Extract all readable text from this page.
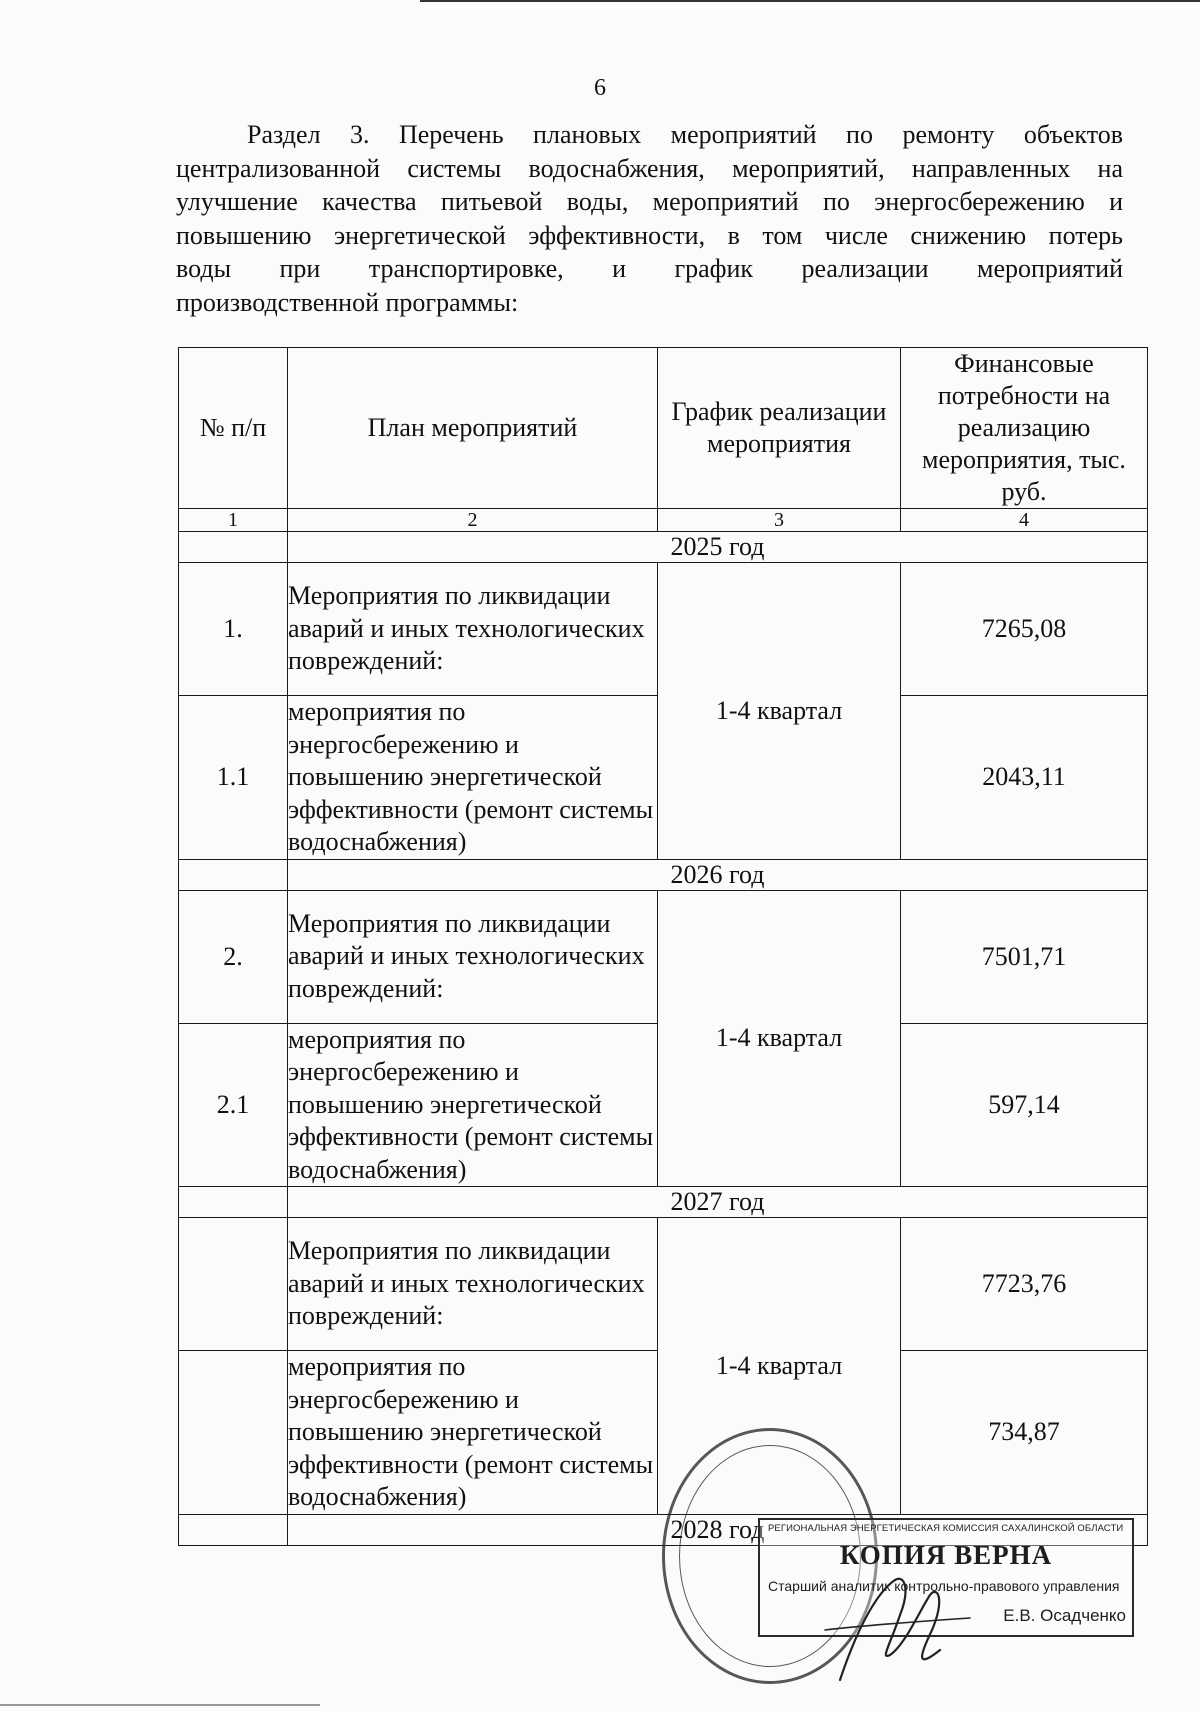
6
Раздел 3. Перечень плановых мероприятий по ремонту объектов
централизованной системы водоснабжения, мероприятий, направленных на
улучшение качества питьевой воды, мероприятий по энергосбережению и
повышению энергетической эффективности, в том числе снижению потерь
воды при транспортировке, и график реализации мероприятий
производственной программы:
№ п/п	План мероприятий	График реализации мероприятия	Финансовые потребности на реализацию мероприятия, тыс. руб.
1	2	3	4
	2025 год		
1.	Мероприятия по ликвидации аварий и иных технологических повреждений:	1-4 квартал	7265,08
1.1	мероприятия по энергосбережению и повышению энергетической эффективности (ремонт системы водоснабжения)		2043,11
	2026 год		
2.	Мероприятия по ликвидации аварий и иных технологических повреждений:	1-4 квартал	7501,71
2.1	мероприятия по энергосбережению и повышению энергетической эффективности (ремонт системы водоснабжения)		597,14
	2027 год		
	Мероприятия по ликвидации аварий и иных технологических повреждений:	1-4 квартал	7723,76
	мероприятия по энергосбережению и повышению энергетической эффективности (ремонт системы водоснабжения)		734,87
	2028 год		РЕГИОНАЛЬНАЯ ЭНЕРГЕТИЧЕСКАЯ КОМИССИЯ САХАЛИНСКОЙ ОБЛАСТИ
КОПИЯ ВЕРНА
Старший аналитик контрольно-правового управления
Е.В. Осадченко
